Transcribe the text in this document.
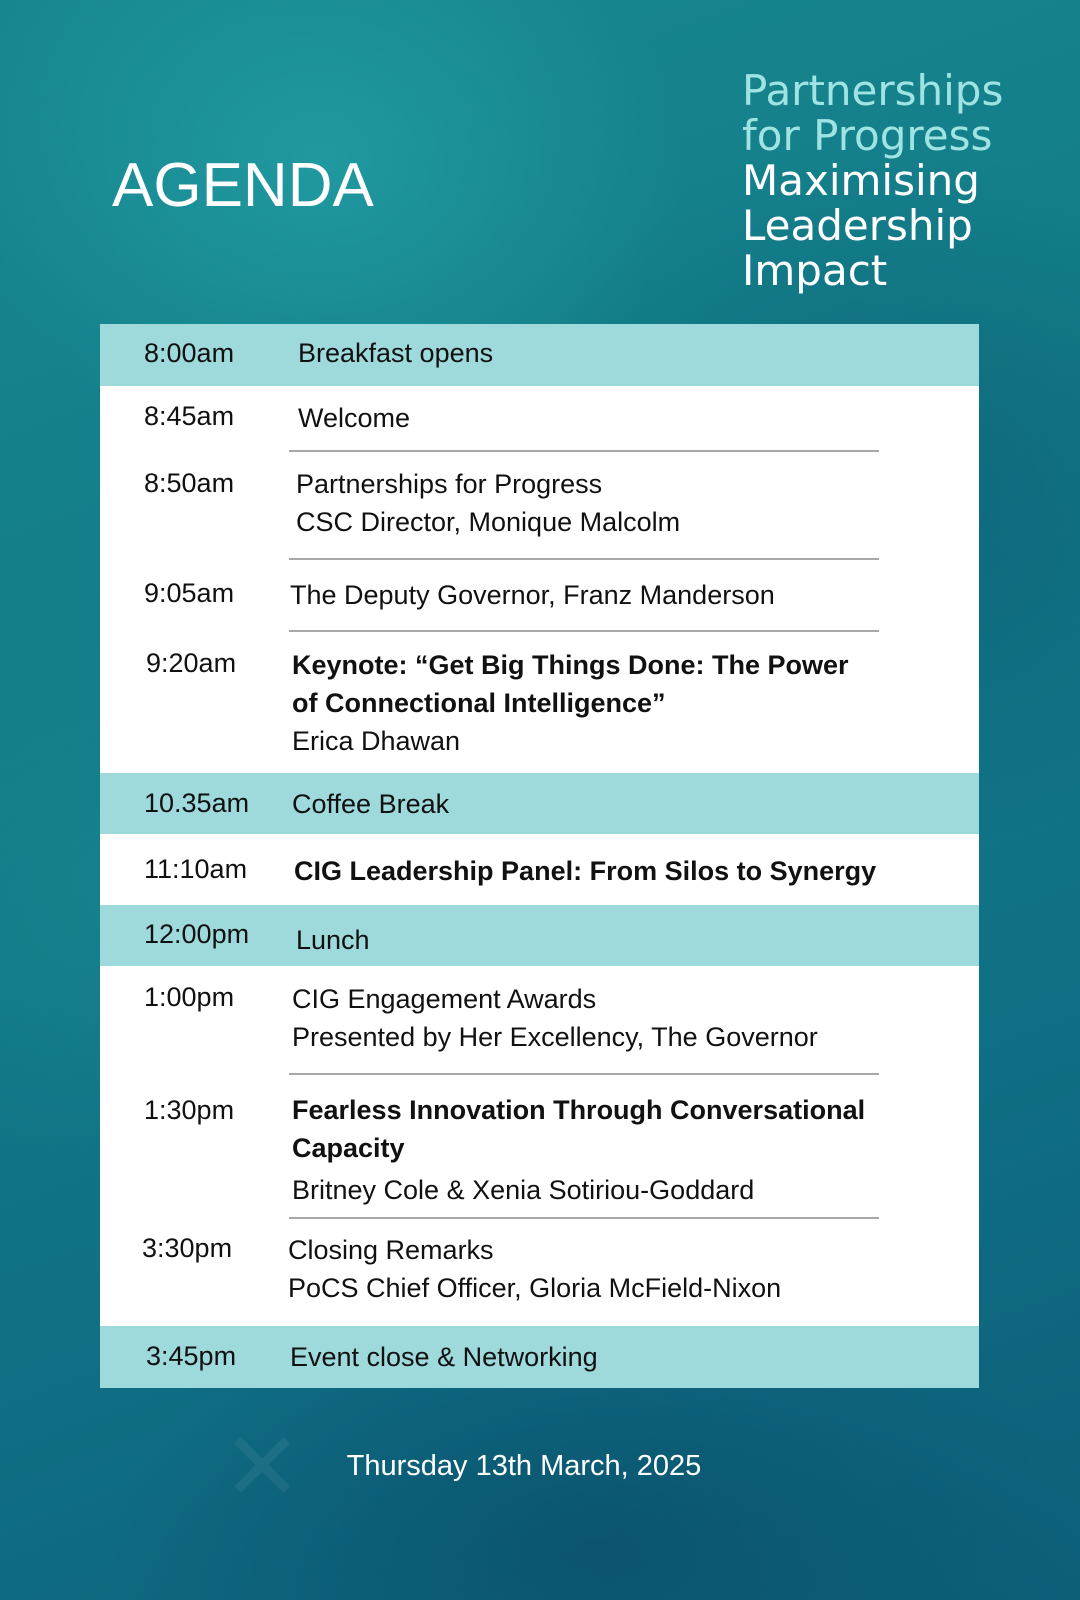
✕
AGENDA
Partnerships
for Progress
Maximising
Leadership
Impact
8:00am	Breakfast opens
8:45am	Welcome
8:50am	Partnerships for Progress
CSC Director, Monique Malcolm
9:05am	The Deputy Governor, Franz Manderson
9:20am	Keynote: “Get Big Things Done: The Power
of Connectional Intelligence”
Erica Dhawan
10.35am	Coffee Break
11:10am	CIG Leadership Panel: From Silos to Synergy
12:00pm	Lunch
1:00pm	CIG Engagement Awards
Presented by Her Excellency, The Governor
1:30pm	Fearless Innovation Through Conversational
Capacity
Britney Cole & Xenia Sotiriou-Goddard
3:30pm	Closing Remarks
PoCS Chief Officer, Gloria McField-Nixon
3:45pm	Event close & Networking
Thursday 13th March, 2025
